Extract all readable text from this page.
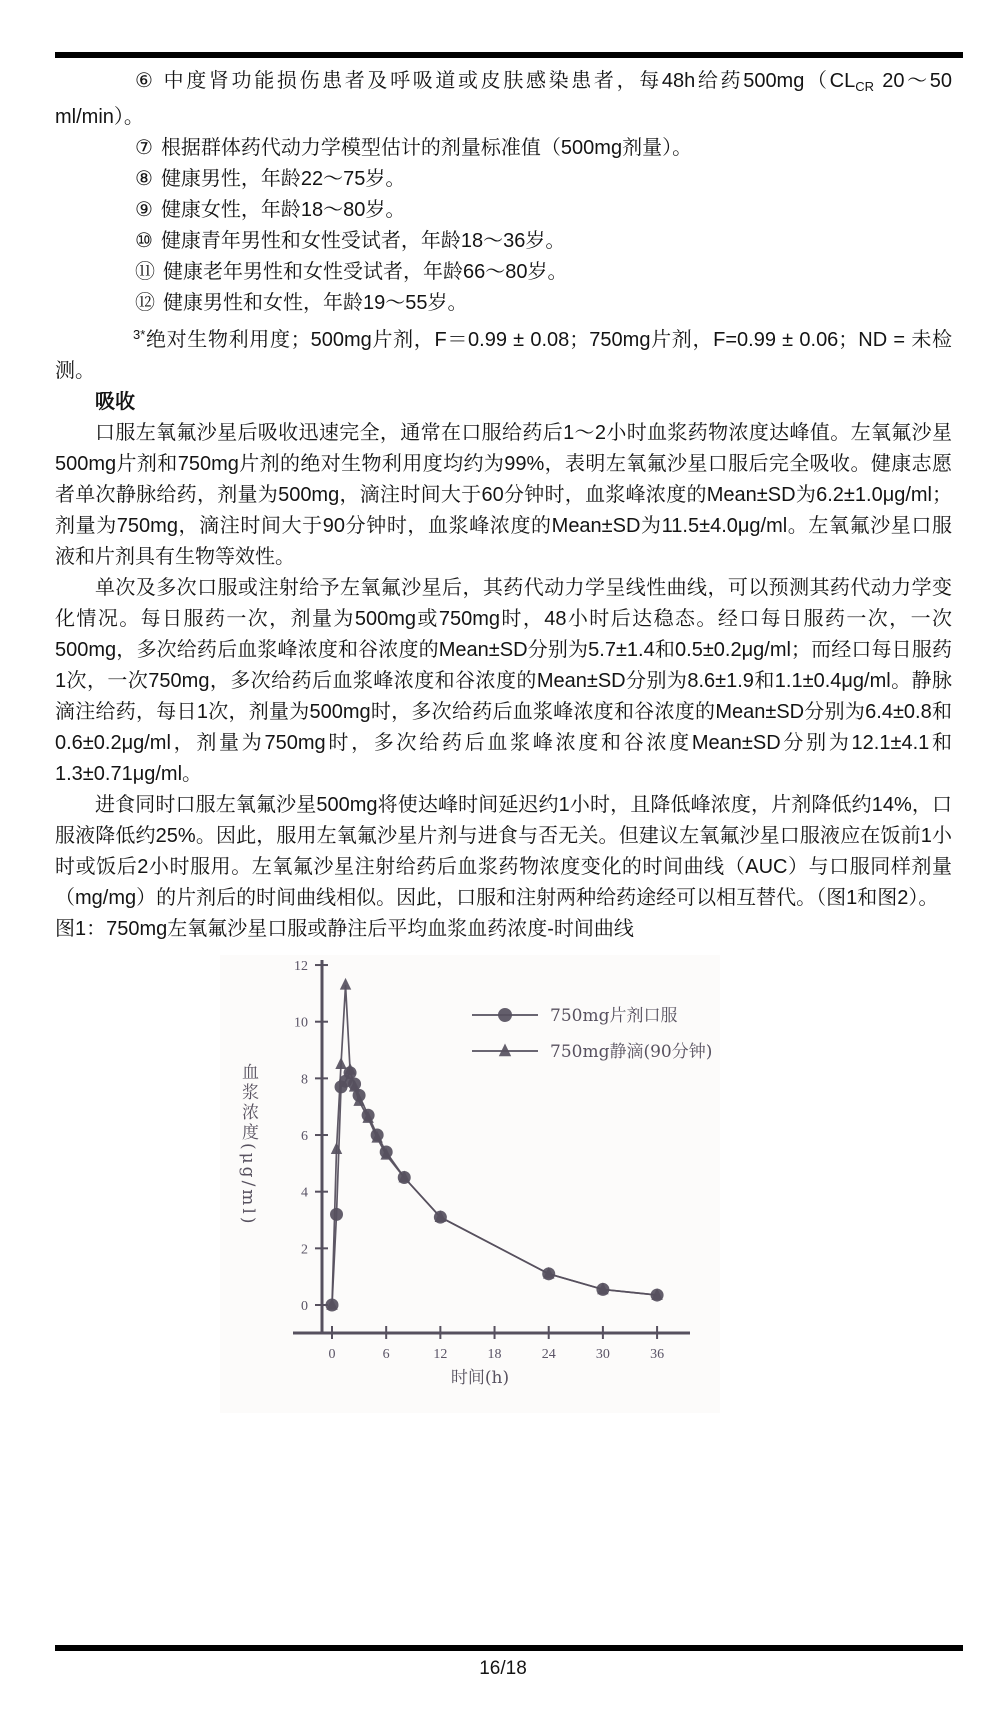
⑥ 中度肾功能损伤患者及呼吸道或皮肤感染患者，每48h给药$500mg(CL_{CR}$ 20～50 ml/min）。
⑦ 根据群体药代动力学模型估计的剂量标准值（500mg剂量）。
⑧ 健康男性，年龄22～75岁。
⑨ 健康女性，年龄18～80岁。
⑩ 健康青年男性和女性受试者，年龄18～36岁。
⑪ 健康老年男性和女性受试者，年龄66～80岁。
⑫ 健康男性和女性，年龄19～55岁。
$^{3*}$绝对生物利用度；500mg片剂，F＝0.99 ± 0.08；750mg片剂，F=0.99 ± 0.06；ND = 未检测。
吸收

口服左氧氟沙星后吸收迅速完全，通常在口服给药后1～2小时血浆药物浓度达峰值。左氧氟沙星500mg片剂和750mg片剂的绝对生物利用度均约为99%，表明左氧氟沙星口服后完全吸收。健康志愿者单次静脉给药，剂量为500mg，滴注时间大于60分钟时，血浆峰浓度的Mean±SD为6.2±1.0μg/ml；剂量为750mg，滴注时间大于90分钟时，血浆峰浓度的Mean±SD为11.5±4.0μg/ml。左氧氟沙星口服液和片剂具有生物等效性。

单次及多次口服或注射给予左氧氟沙星后，其药代动力学呈线性曲线，可以预测其药代动力学变化情况。每日服药一次，剂量为500mg或750mg时，48小时后达稳态。经口每日服药一次，一次500mg，多次给药后血浆峰浓度和谷浓度的Mean±SD分别为5.7±1.4和0.5±0.2μg/ml；而经口每日服药1次，一次750mg，多次给药后血浆峰浓度和谷浓度的Mean±SD分别为8.6±1.9和1.1±0.4μg/ml。静脉滴注给药，每日1次，剂量为500mg时，多次给药后血浆峰浓度和谷浓度的Mean±SD分别为6.4±0.8和0.6±0.2μg/ml，剂量为750mg时，多次给药后血浆峰浓度和谷浓度Mean±SD分别为12.1±4.1和1.3±0.71μg/ml。

进食同时口服左氧氟沙星500mg将使达峰时间延迟约1小时，且降低峰浓度，片剂降低约14%，口服液降低约25%。因此，服用左氧氟沙星片剂与进食与否无关。但建议左氧氟沙星口服液应在饭前1小时或饭后2小时服用。左氧氟沙星注射给药后血浆药物浓度变化的时间曲线（AUC）与口服同样剂量（mg/mg）的片剂后的时间曲线相似。因此，口服和注射两种给药途经可以相互替代。（图1和图2）。

图1：750mg左氧氟沙星口服或静注后平均血浆血药浓度-时间曲线
0
2
4
6
8
10
12
0	6	12	18	24	30	36
750mg片剂口服
750mg静滴(90分钟)
血浆浓度(μg/ml)
时间(h)
16/18
